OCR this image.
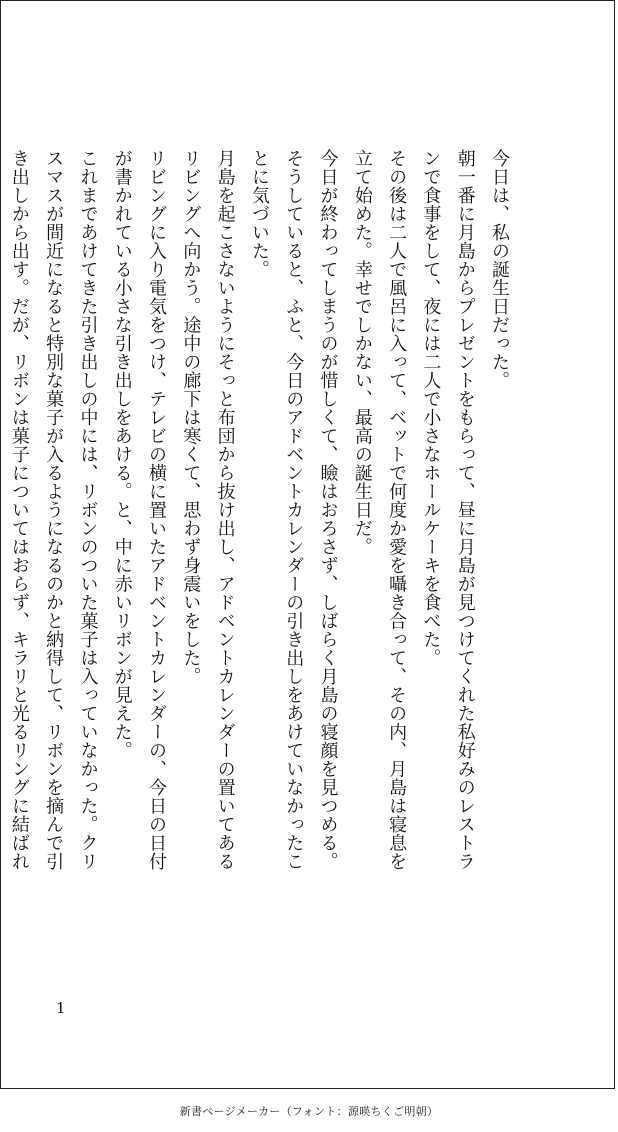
今日は、私の誕生日だった。

朝一番に月島からプレゼントをもらって、昼に月島が見つけてくれた私好みのレストラ

ンで食事をして、夜には二人で小さなホールケーキを食べた。

その後は二人で風呂に入って、ベットで何度か愛を囁き合って、その内、月島は寝息を

立て始めた。幸せでしかない、最高の誕生日だ。

今日が終わってしまうのが惜しくて、瞼はおろさず、しばらく月島の寝顔を見つめる。

そうしていると、ふと、今日のアドベントカレンダーの引き出しをあけていなかったこ

とに気づいた。

月島を起こさないようにそっと布団から抜け出し、アドベントカレンダーの置いてある

リビングへ向かう。途中の廊下は寒くて、思わず身震いをした。

リビングに入り電気をつけ、テレビの横に置いたアドベントカレンダーの、今日の日付

が書かれている小さな引き出しをあける。と、中に赤いリボンが見えた。

これまであけてきた引き出しの中には、リボンのついた菓子は入っていなかった。クリ

スマスが間近になると特別な菓子が入るようになるのかと納得して、リボンを摘んで引

き出しから出す。だが、リボンは菓子についてはおらず、キラリと光るリングに結ばれ

1
新書ページメーカー（フォント：源暎ちくご明朝）
